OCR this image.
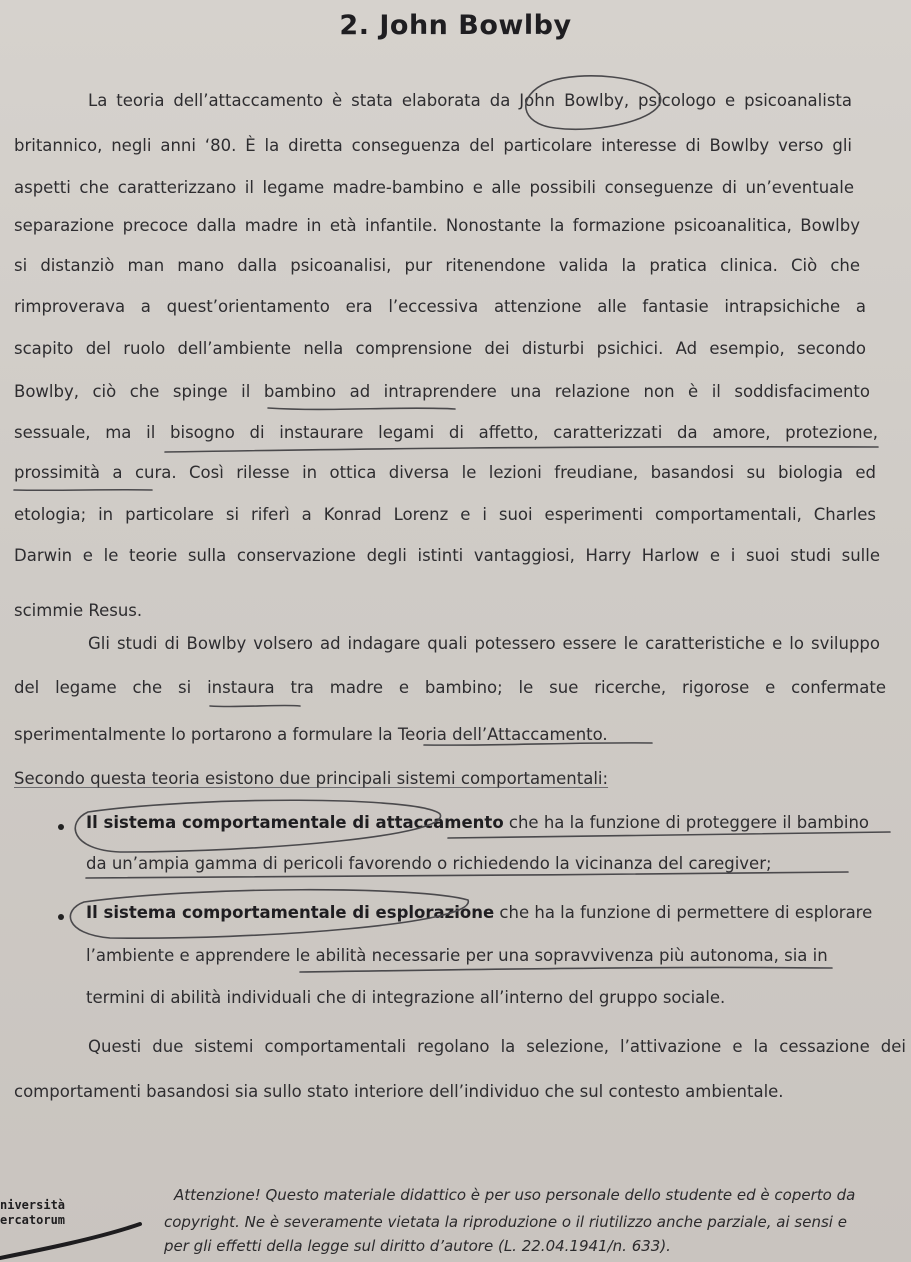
2. John Bowlby
La teoria dell’attaccamento è stata elaborata da John Bowlby, psicologo e psicoanalista
britannico, negli anni ‘80. È la diretta conseguenza del particolare interesse di Bowlby verso gli
aspetti che caratterizzano il legame madre-bambino e alle possibili conseguenze di un’eventuale
separazione precoce dalla madre in età infantile. Nonostante la formazione psicoanalitica, Bowlby
si distanziò man mano dalla psicoanalisi, pur ritenendone valida la pratica clinica. Ciò che
rimproverava a quest’orientamento era l’eccessiva attenzione alle fantasie intrapsichiche a
scapito del ruolo dell’ambiente nella comprensione dei disturbi psichici. Ad esempio, secondo
Bowlby, ciò che spinge il bambino ad intraprendere una relazione non è il soddisfacimento
sessuale, ma il bisogno di instaurare legami di affetto, caratterizzati da amore, protezione,
prossimità a cura. Così rilesse in ottica diversa le lezioni freudiane, basandosi su biologia ed
etologia; in particolare si riferì a Konrad Lorenz e i suoi esperimenti comportamentali, Charles
Darwin e le teorie sulla conservazione degli istinti vantaggiosi, Harry Harlow e i suoi studi sulle
scimmie Resus.
Gli studi di Bowlby volsero ad indagare quali potessero essere le caratteristiche e lo sviluppo
del legame che si instaura tra madre e bambino; le sue ricerche, rigorose e confermate
sperimentalmente lo portarono a formulare la Teoria dell’Attaccamento.
Secondo questa teoria esistono due principali sistemi comportamentali:
Il sistema comportamentale di attaccamento che ha la funzione di proteggere il bambino
da un’ampia gamma di pericoli favorendo o richiedendo la vicinanza del caregiver;
Il sistema comportamentale di esplorazione che ha la funzione di permettere di esplorare
l’ambiente e apprendere le abilità necessarie per una sopravvivenza più autonoma, sia in
termini di abilità individuali che di integrazione all’interno del gruppo sociale.
Questi due sistemi comportamentali regolano la selezione, l’attivazione e la cessazione dei
comportamenti basandosi sia sullo stato interiore dell’individuo che sul contesto ambientale.
niversità
ercatorum
Attenzione! Questo materiale didattico è per uso personale dello studente ed è coperto da
copyright. Ne è severamente vietata la riproduzione o il riutilizzo anche parziale, ai sensi e
per gli effetti della legge sul diritto d’autore (L. 22.04.1941/n. 633).
